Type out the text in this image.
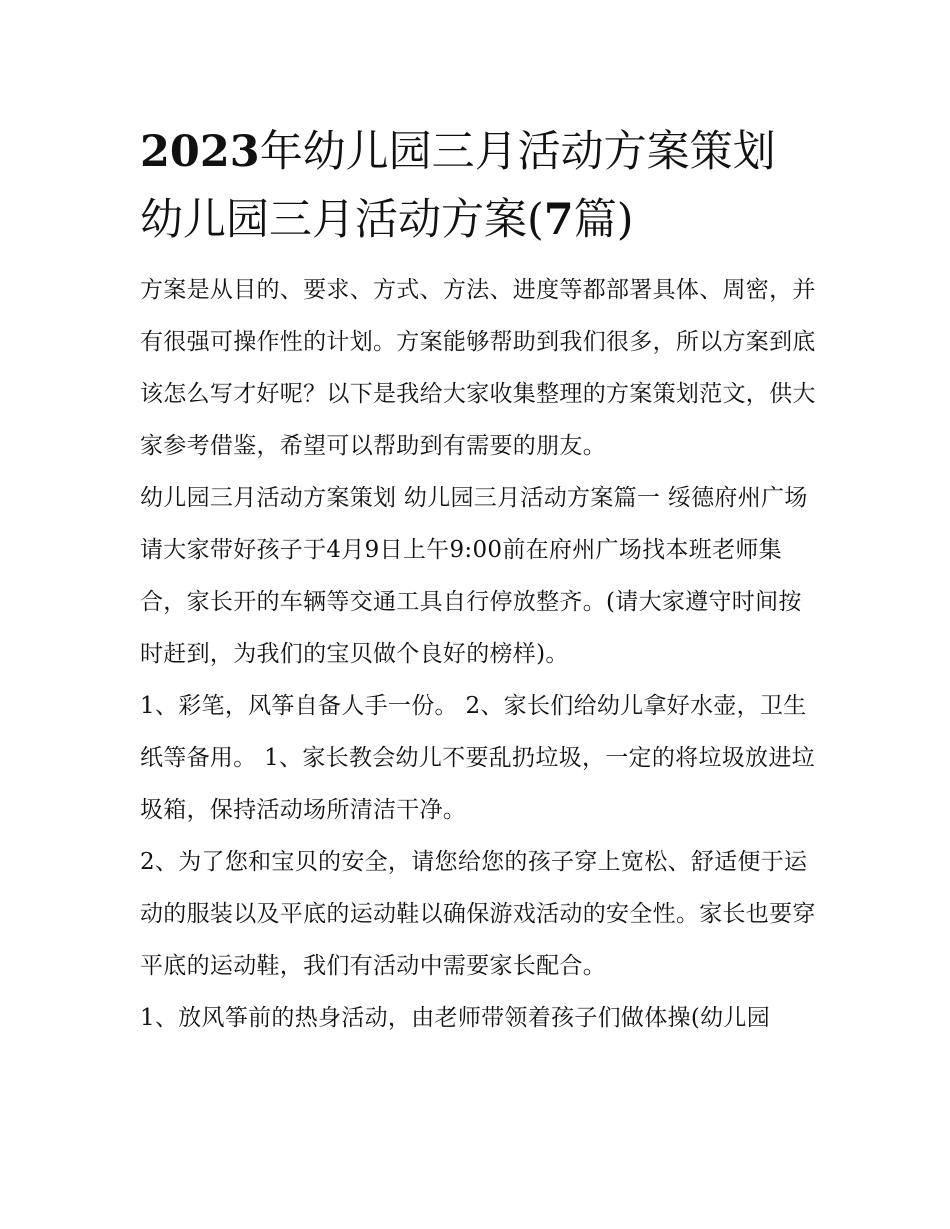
2023年幼儿园三月活动方案策划 幼儿园三月活动方案(7篇)

方案是从目的、要求、方式、方法、进度等都部署具体、周密，并有很强可操作性的计划。方案能够帮助到我们很多，所以方案到底该怎么写才好呢？以下是我给大家收集整理的方案策划范文，供大家参考借鉴，希望可以帮助到有需要的朋友。

幼儿园三月活动方案策划 幼儿园三月活动方案篇一 绥德府州广场

请大家带好孩子于4月9日上午9:00前在府州广场找本班老师集合，家长开的车辆等交通工具自行停放整齐。(请大家遵守时间按时赶到，为我们的宝贝做个良好的榜样)。

1、彩笔，风筝自备人手一份。 2、家长们给幼儿拿好水壶，卫生纸等备用。 1、家长教会幼儿不要乱扔垃圾，一定的将垃圾放进垃圾箱，保持活动场所清洁干净。

2、为了您和宝贝的安全，请您给您的孩子穿上宽松、舒适便于运动的服装以及平底的运动鞋以确保游戏活动的安全性。家长也要穿平底的运动鞋，我们有活动中需要家长配合。

1、放风筝前的热身活动，由老师带领着孩子们做体操(幼儿园
